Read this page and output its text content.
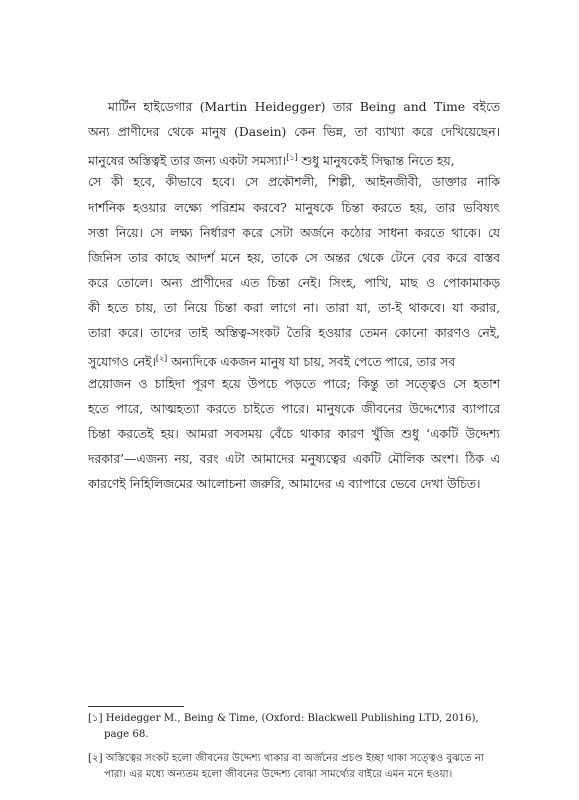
মার্টিন হাইডেগার (Martin Heidegger) তার Being and Time বইতে
অন্য প্রাণীদের থেকে মানুষ (Dasein) কেন ভিন্ন, তা ব্যাখ্যা করে দেখিয়েছেন।
মানুষের অস্তিত্বই তার জন্য একটা সমস্যা।[১] শুধু মানুষকেই সিদ্ধান্ত নিতে হয়,
সে কী হবে, কীভাবে হবে। সে প্রকৌশলী, শিল্পী, আইনজীবী, ডাক্তার নাকি
দার্শনিক হওয়ার লক্ষ্যে পরিশ্রম করবে? মানুষকে চিন্তা করতে হয়, তার ভবিষ্যৎ
সত্তা নিয়ে। সে লক্ষ্য নির্ধারণ করে সেটা অর্জনে কঠোর সাধনা করতে থাকে। যে
জিনিস তার কাছে আদর্শ মনে হয়, তাকে সে অন্তর থেকে টেনে বের করে বাস্তব
করে তোলে। অন্য প্রাণীদের এত চিন্তা নেই। সিংহ, পাখি, মাছ ও পোকামাকড়
কী হতে চায়, তা নিয়ে চিন্তা করা লাগে না। তারা যা, তা-ই থাকবে। যা করার,
তারা করে। তাদের তাই অস্তিত্ব-সংকট তৈরি হওয়ার তেমন কোনো কারণও নেই,
সুযোগও নেই।[২] অন্যদিকে একজন মানুষ যা চায়, সবই পেতে পারে, তার সব
প্রয়োজন ও চাহিদা পূরণ হয়ে উপচে পড়তে পারে; কিন্তু তা সত্ত্বেও সে হতাশ
হতে পারে, আত্মহত্যা করতে চাইতে পারে। মানুষকে জীবনের উদ্দেশ্যের ব্যাপারে
চিন্তা করতেই হয়। আমরা সবসময় বেঁচে থাকার কারণ খুঁজি শুধু ‘একটি উদ্দেশ্য
দরকার’—এজন্য নয়, বরং এটা আমাদের মনুষ্যত্বের একটি মৌলিক অংশ। ঠিক এ
কারণেই নিহিলিজমের আলোচনা জরুরি, আমাদের এ ব্যাপারে ভেবে দেখা উচিত।
[১] Heidegger M., Being & Time, (Oxford: Blackwell Publishing LTD, 2016),
page 68.
[২] অস্তিত্বের সংকট হলো জীবনের উদ্দেশ্য থাকার বা অর্জনের প্রচণ্ড ইচ্ছা থাকা সত্ত্বেও বুঝতে না
পারা। এর মধ্যে অন্যতম হলো জীবনের উদ্দেশ্য বোঝা সামর্থ্যের বাইরে এমন মনে হওয়া।
